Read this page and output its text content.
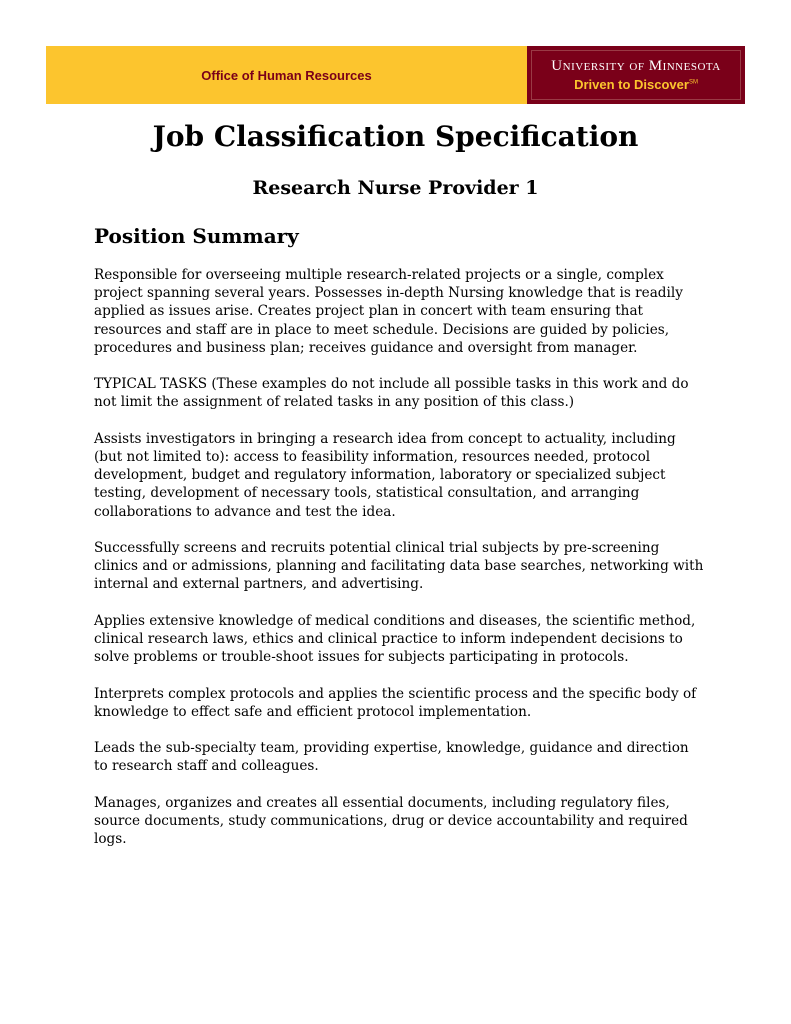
Office of Human Resources
University of Minnesota
Driven to Discover℠
Job Classification Specification
Research Nurse Provider 1
Position Summary

Responsible for overseeing multiple research-related projects or a single, complex project spanning several years. Possesses in-depth Nursing knowledge that is readily applied as issues arise. Creates project plan in concert with team ensuring that resources and staff are in place to meet schedule. Decisions are guided by policies, procedures and business plan; receives guidance and oversight from manager.

TYPICAL TASKS (These examples do not include all possible tasks in this work and do not limit the assignment of related tasks in any position of this class.)

Assists investigators in bringing a research idea from concept to actuality, including (but not limited to): access to feasibility information, resources needed, protocol development, budget and regulatory information, laboratory or specialized subject testing, development of necessary tools, statistical consultation, and arranging collaborations to advance and test the idea.

Successfully screens and recruits potential clinical trial subjects by pre-screening clinics and or admissions, planning and facilitating data base searches, networking with internal and external partners, and advertising.

Applies extensive knowledge of medical conditions and diseases, the scientific method, clinical research laws, ethics and clinical practice to inform independent decisions to solve problems or trouble-shoot issues for subjects participating in protocols.

Interprets complex protocols and applies the scientific process and the specific body of knowledge to effect safe and efficient protocol implementation.

Leads the sub-specialty team, providing expertise, knowledge, guidance and direction to research staff and colleagues.

Manages, organizes and creates all essential documents, including regulatory files, source documents, study communications, drug or device accountability and required logs.
